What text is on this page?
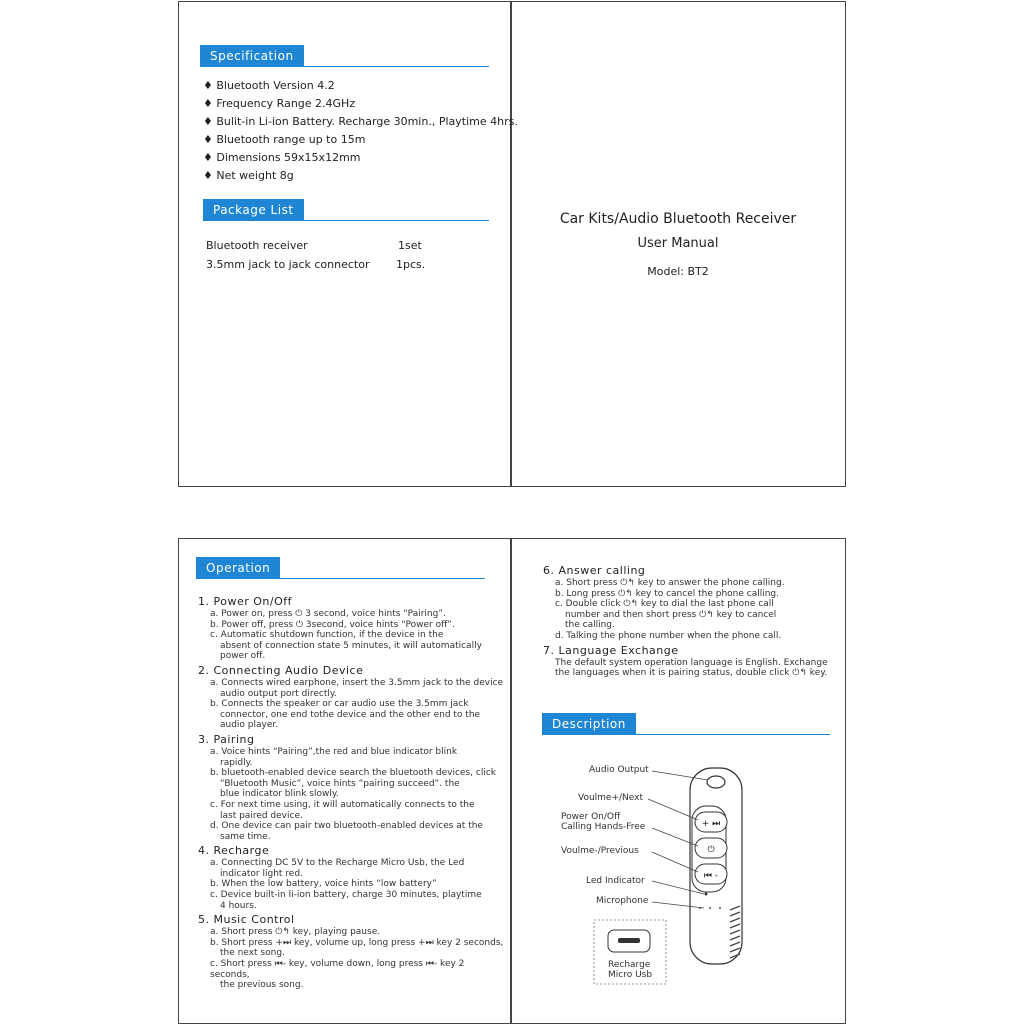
Specification
♦ Bluetooth Version 4.2
♦ Frequency Range 2.4GHz
♦ Bulit-in Li-ion Battery. Recharge 30min., Playtime 4hrs.
♦ Bluetooth range up to 15m
♦ Dimensions 59x15x12mm
♦ Net weight 8g
Package List
Bluetooth receiver	1set
3.5mm jack to jack connector 1pcs.
Car Kits/Audio Bluetooth Receiver
User Manual
Model: BT2
Operation
1. Power On/Off
a. Power on, press ⏻ 3 second, voice hints “Pairing”.
b. Power off, press ⏻ 3second, voice hints “Power off”.
c. Automatic shutdown function, if the device in the
absent of connection state 5 minutes, it will automatically
power off.
2. Connecting Audio Device
a. Connects wired earphone, insert the 3.5mm jack to the device
audio output port directly.
b. Connects the speaker or car audio use the 3.5mm jack
connector, one end tothe device and the other end to the
audio player.
3. Pairing
a. Voice hints “Pairing”,the red and blue indicator blink
rapidly.
b. bluetooth-enabled device search the bluetooth devices, click
“Bluetooth Music”, voice hints “pairing succeed”. the
blue indicator blink slowly.
c. For next time using, it will automatically connects to the
last paired device.
d. One device can pair two bluetooth-enabled devices at the
same time.
4. Recharge
a. Connecting DC 5V to the Recharge Micro Usb, the Led
indicator light red.
b. When the low battery, voice hints “low battery”
c. Device built-in li-ion battery, charge 30 minutes, playtime
4 hours.
5. Music Control
a. Short press ⏻↰ key, playing pause.
b. Short press +⏭ key, volume up, long press +⏭ key 2 seconds,
the next song.
c. Short press ⏮- key, volume down, long press ⏮- key 2 seconds,
the previous song.
6. Answer calling
a. Short press ⏻↰ key to answer the phone calling.
b. Long press ⏻↰ key to cancel the phone calling.
c. Double click ⏻↰ key to dial the last phone call
number and then short press ⏻↰ key to cancel
the calling.
d. Talking the phone number when the phone call.
7. Language Exchange
The default system operation language is English. Exchange
the languages when it is pairing status, double click ⏻↰ key.
Description
+ ⏭
⏻
⏮ -
Audio Output
Voulme+/Next
Power On/Off
Calling Hands-Free
Voulme-/Previous
Led Indicator
Microphone
Recharge
Micro Usb
